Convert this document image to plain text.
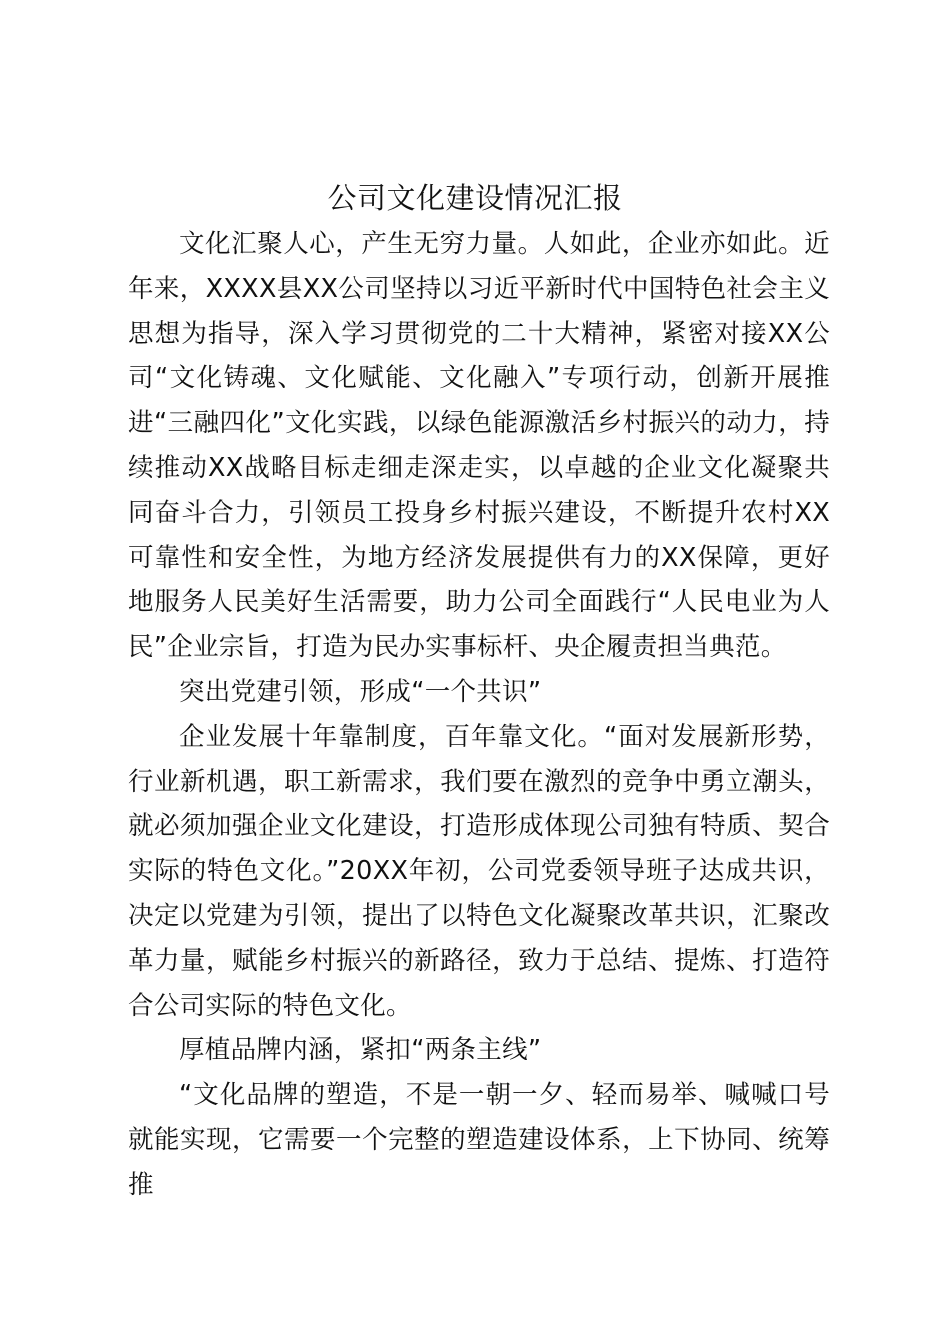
公司文化建设情况汇报

文化汇聚人心，产生无穷力量。人如此，企业亦如此。近年来，XXXX县XX公司坚持以习近平新时代中国特色社会主义思想为指导，深入学习贯彻党的二十大精神，紧密对接XX公司“文化铸魂、文化赋能、文化融入”专项行动，创新开展推进“三融四化”文化实践，以绿色能源激活乡村振兴的动力，持续推动XX战略目标走细走深走实，以卓越的企业文化凝聚共同奋斗合力，引领员工投身乡村振兴建设，不断提升农村XX可靠性和安全性，为地方经济发展提供有力的XX保障，更好地服务人民美好生活需要，助力公司全面践行“人民电业为人民”企业宗旨，打造为民办实事标杆、央企履责担当典范。

突出党建引领，形成“一个共识”

企业发展十年靠制度，百年靠文化。“面对发展新形势，行业新机遇，职工新需求，我们要在激烈的竞争中勇立潮头，就必须加强企业文化建设，打造形成体现公司独有特质、契合实际的特色文化。”20XX年初，公司党委领导班子达成共识，决定以党建为引领，提出了以特色文化凝聚改革共识，汇聚改革力量，赋能乡村振兴的新路径，致力于总结、提炼、打造符合公司实际的特色文化。

厚植品牌内涵，紧扣“两条主线”

“文化品牌的塑造，不是一朝一夕、轻而易举、喊喊口号就能实现，它需要一个完整的塑造建设体系，上下协同、统筹推
